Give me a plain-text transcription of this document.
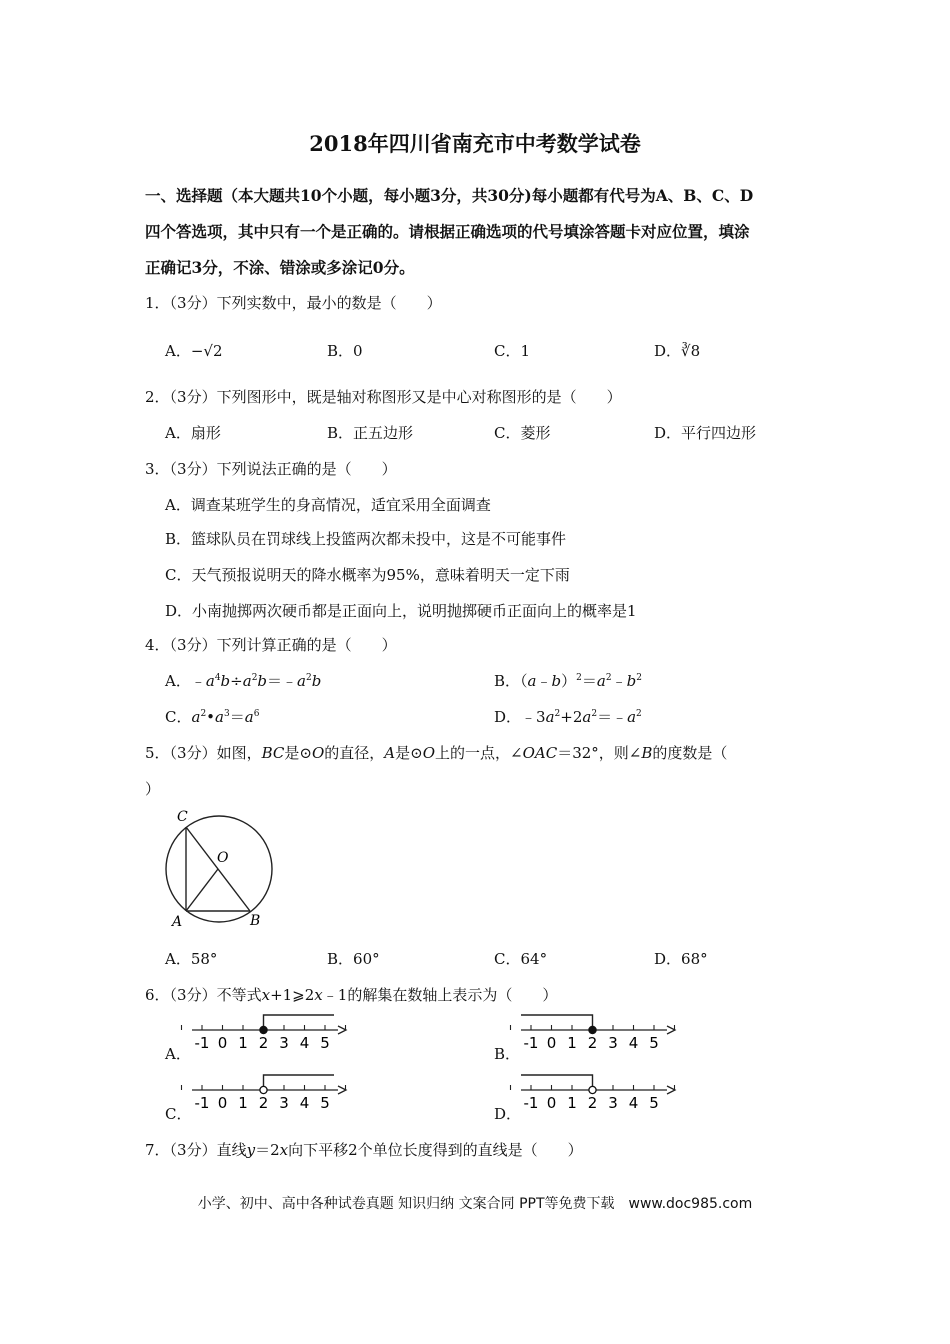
2018年四川省南充市中考数学试卷
一、选择题（本大题共10个小题，每小题3分，共30分)每小题都有代号为A、B、C、D
四个答选项，其中只有一个是正确的。请根据正确选项的代号填涂答题卡对应位置，填涂
正确记3分，不涂、错涂或多涂记0分。
1．（3分）下列实数中，最小的数是（　　）
A．−√2	B．0	C．1	D．∛8
2．（3分）下列图形中，既是轴对称图形又是中心对称图形的是（　　）
A．扇形	B．正五边形	C．菱形	D．平行四边形
3．（3分）下列说法正确的是（　　）
A．调查某班学生的身高情况，适宜采用全面调查
B．篮球队员在罚球线上投篮两次都未投中，这是不可能事件
C．天气预报说明天的降水概率为95%，意味着明天一定下雨
D．小南抛掷两次硬币都是正面向上，说明抛掷硬币正面向上的概率是1
4．（3分）下列计算正确的是（　　）
A．$﹣a^4b\div a^2b=﹣a^2b$	B．$(a﹣b)^2=a^2﹣b^2$
C．$a^2•a^3=a^6$	D．$﹣3a^2+2a^2=﹣a^2$
5．（3分）如图，BC是⊙O的直径，A是⊙O上的一点，∠OAC＝32°，则∠B的度数是（
）
C
O
A	B
A．58°	B．60°	C．64°	D．68°
6．（3分）不等式x+1⩾2x﹣1的解集在数轴上表示为（　　）
A．	B．
C．	D．
-1 0 1 2 3 4 5	-1 0 1 2 3 4 5
-1 0 1 2 3 4 5	-1 0 1 2 3 4 5
7．（3分）直线y＝2x向下平移2个单位长度得到的直线是（　　）
小学、初中、高中各种试卷真题 知识归纳 文案合同 PPT等免费下载　www.doc985.com
